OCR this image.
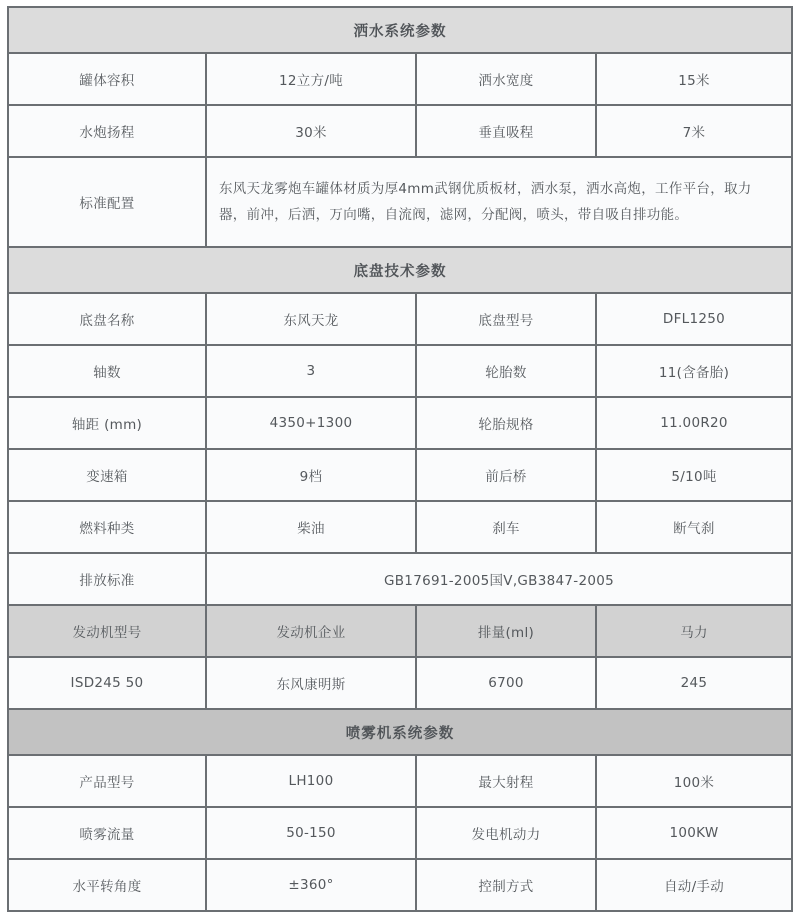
洒水系统参数			
罐体容积	12立方/吨	洒水宽度	15米
水炮扬程	30米	垂直吸程	7米
标准配置	东风天龙雾炮车罐体材质为厚4mm武钢优质板材，洒水泵，洒水高炮，工作平台，取力器，前冲，后洒，万向嘴，自流阀，滤网，分配阀，喷头，带自吸自排功能。		
底盘技术参数			
底盘名称	东风天龙	底盘型号	DFL1250
轴数	3	轮胎数	11(含备胎)
轴距 (mm)	4350+1300	轮胎规格	11.00R20
变速箱	9档	前后桥	5/10吨
燃料种类	柴油	刹车	断气刹
排放标准	GB17691-2005国Ⅴ,GB3847-2005		
发动机型号	发动机企业	排量(ml)	马力
ISD245 50	东风康明斯	6700	245
喷雾机系统参数			
产品型号	LH100	最大射程	100米
喷雾流量	50-150	发电机动力	100KW
水平转角度	±360°	控制方式	自动/手动
